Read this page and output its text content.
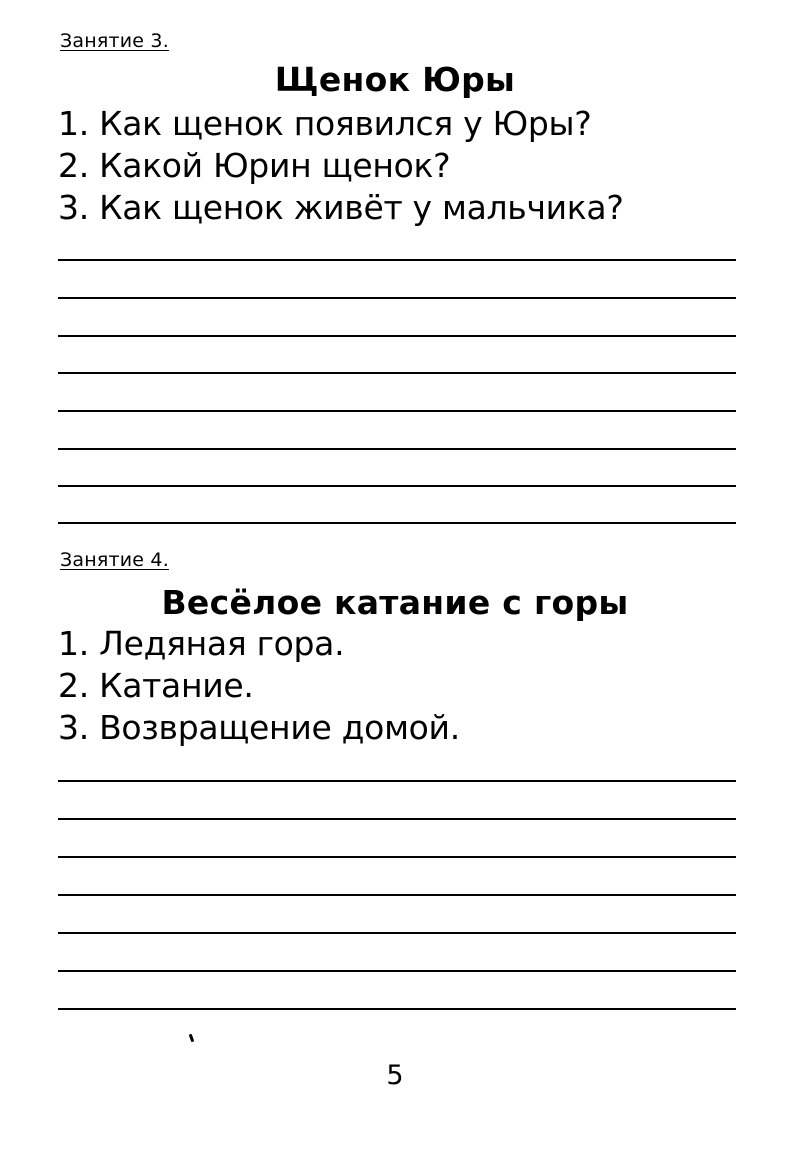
Занятие 3.
Щенок Юры
1. Как щенок появился у Юры?
2. Какой Юрин щенок?
3. Как щенок живёт у мальчика?
Занятие 4.
Весёлое катание с горы
1. Ледяная гора.
2. Катание.
3. Возвращение домой.
5
